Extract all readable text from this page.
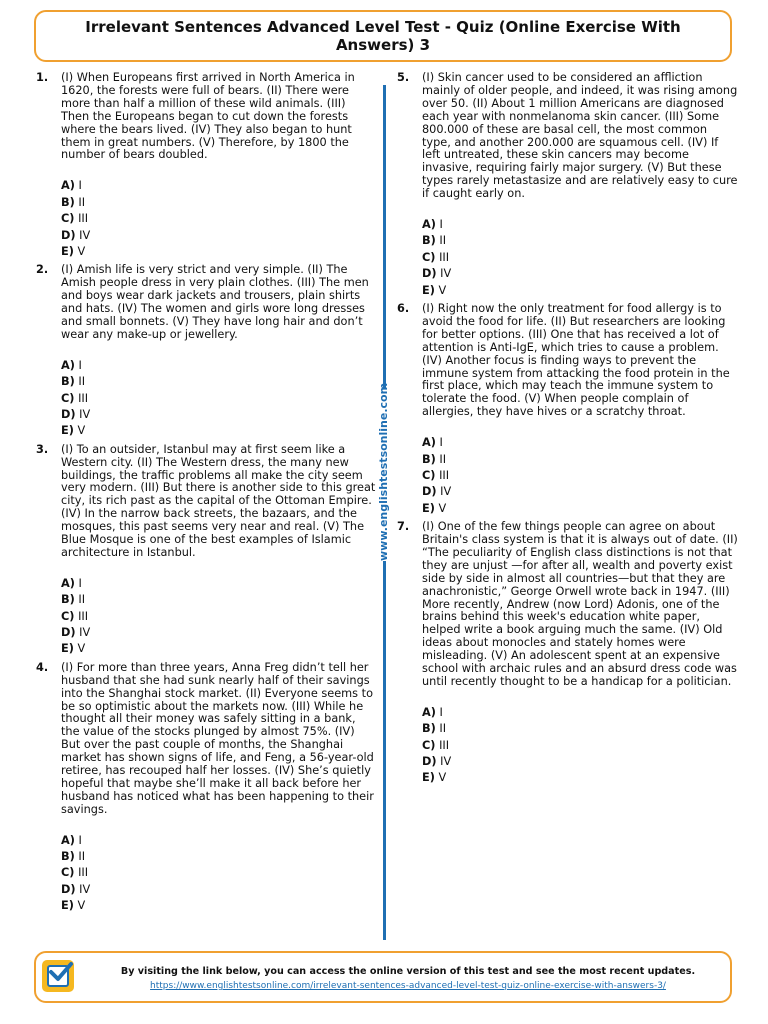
Irrelevant Sentences Advanced Level Test - Quiz (Online Exercise With Answers) 3
1.	(I) When Europeans first arrived in North America in 1620, the forests were full of bears. (II) There were more than half a million of these wild animals. (III) Then the Europeans began to cut down the forests where the bears lived. (IV) They also began to hunt them in great numbers. (V) Therefore, by 1800 the number of bears doubled.
A) I
B) II
C) III
D) IV
E) V
2.	(I) Amish life is very strict and very simple. (II) The Amish people dress in very plain clothes. (III) The men and boys wear dark jackets and trousers, plain shirts and hats. (IV) The women and girls wore long dresses and small bonnets. (V) They have long hair and don’t wear any make-up or jewellery.
A) I
B) II
C) III
D) IV
E) V
3.	(I) To an outsider, Istanbul may at first seem like a Western city. (II) The Western dress, the many new buildings, the traffic problems all make the city seem very modern. (III) But there is another side to this great city, its rich past as the capital of the Ottoman Empire. (IV) In the narrow back streets, the bazaars, and the mosques, this past seems very near and real. (V) The Blue Mosque is one of the best examples of Islamic architecture in Istanbul.
A) I
B) II
C) III
D) IV
E) V
4.	(I) For more than three years, Anna Freg didn’t tell her husband that she had sunk nearly half of their savings into the Shanghai stock market. (II) Everyone seems to be so optimistic about the markets now. (III) While he thought all their money was safely sitting in a bank, the value of the stocks plunged by almost 75%. (IV) But over the past couple of months, the Shanghai market has shown signs of life, and Feng, a 56-year-old retiree, has recouped half her losses. (IV) She’s quietly hopeful that maybe she’ll make it all back before her husband has noticed what has been happening to their savings.
A) I
B) II
C) III
D) IV
E) V
www.englishtestsonline.com
5.	(I) Skin cancer used to be considered an affliction mainly of older people, and indeed, it was rising among over 50. (II) About 1 million Americans are diagnosed each year with nonmelanoma skin cancer. (III) Some 800.000 of these are basal cell, the most common type, and another 200.000 are squamous cell. (IV) If left untreated, these skin cancers may become invasive, requiring fairly major surgery. (V) But these types rarely metastasize and are relatively easy to cure if caught early on.
A) I
B) II
C) III
D) IV
E) V
6.	(I) Right now the only treatment for food allergy is to avoid the food for life. (II) But researchers are looking for better options. (III) One that has received a lot of attention is Anti-IgE, which tries to cause a problem. (IV) Another focus is finding ways to prevent the immune system from attacking the food protein in the first place, which may teach the immune system to tolerate the food. (V) When people complain of allergies, they have hives or a scratchy throat.
A) I
B) II
C) III
D) IV
E) V
7.	(I) One of the few things people can agree on about Britain's class system is that it is always out of date. (II) “The peculiarity of English class distinctions is not that they are unjust —for after all, wealth and poverty exist side by side in almost all countries—but that they are anachronistic,” George Orwell wrote back in 1947. (III) More recently, Andrew (now Lord) Adonis, one of the brains behind this week's education white paper, helped write a book arguing much the same. (IV) Old ideas about monocles and stately homes were misleading. (V) An adolescent spent at an expensive school with archaic rules and an absurd dress code was until recently thought to be a handicap for a politician.
A) I
B) II
C) III
D) IV
E) V
By visiting the link below, you can access the online version of this test and see the most recent updates.
https://www.englishtestsonline.com/irrelevant-sentences-advanced-level-test-quiz-online-exercise-with-answers-3/
